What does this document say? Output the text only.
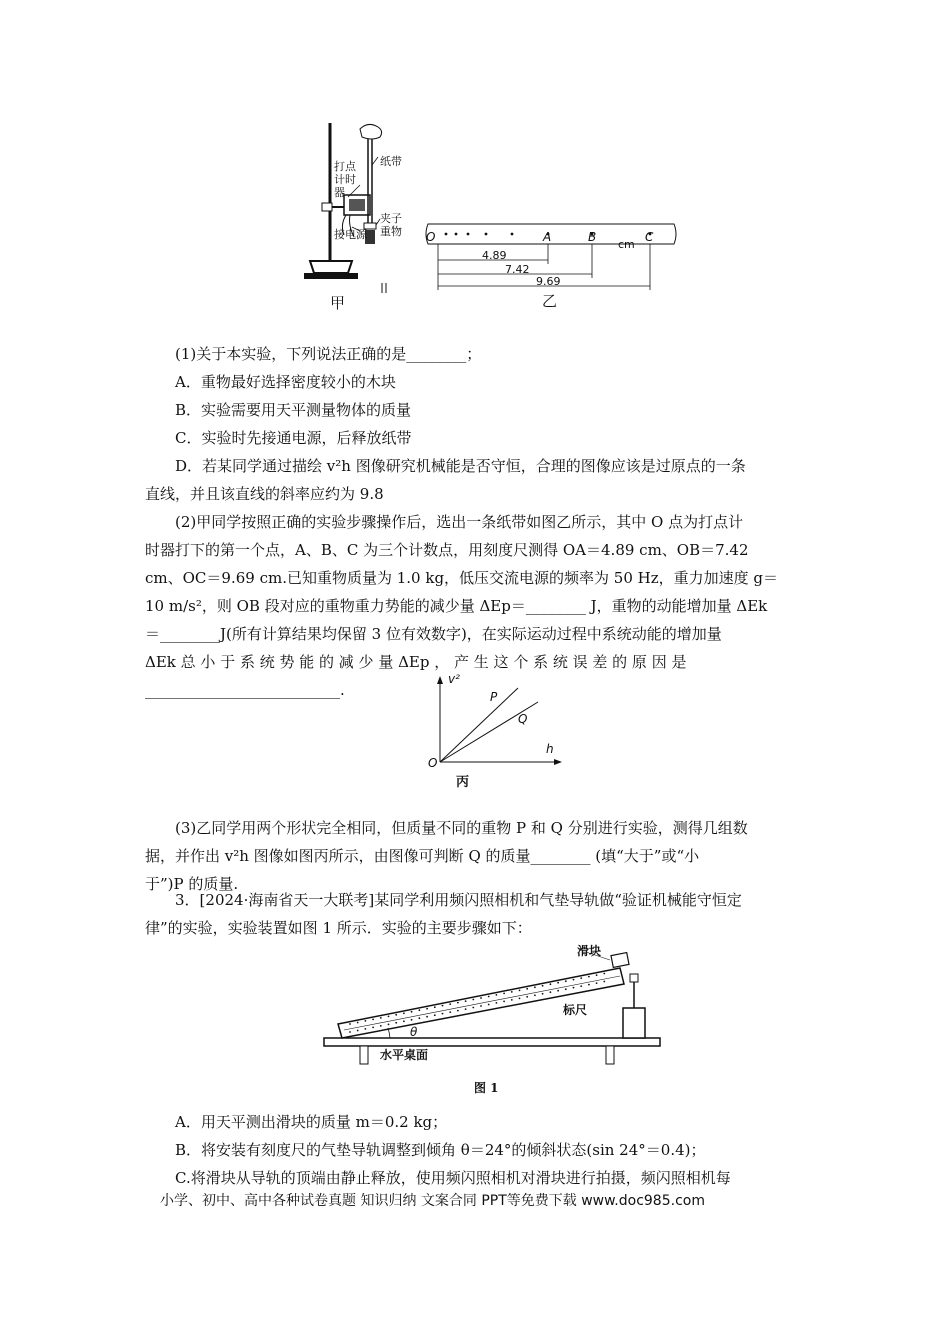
打点计时器
纸带
夹子
重物
接电源
甲
O	A	B
cm
C
4.89
7.42
9.69
乙
(1)关于本实验，下列说法正确的是________；
A．重物最好选择密度较小的木块
B．实验需要用天平测量物体的质量
C．实验时先接通电源，后释放纸带
D．若某同学通过描绘 v²h 图像研究机械能是否守恒，合理的图像应该是过原点的一条
直线，并且该直线的斜率应约为 9.8
(2)甲同学按照正确的实验步骤操作后，选出一条纸带如图乙所示，其中 O 点为打点计
时器打下的第一个点，A、B、C 为三个计数点，用刻度尺测得 OA＝4.89 cm、OB＝7.42
cm、OC＝9.69 cm.已知重物质量为 1.0 kg，低压交流电源的频率为 50 Hz，重力加速度 g＝
10 m/s²，则 OB 段对应的重物重力势能的减少量 ΔEp＝________ J，重物的动能增加量 ΔEk
＝________J(所有计算结果均保留 3 位有效数字)，在实际运动过程中系统动能的增加量
ΔEk 总 小 于 系 统 势 能 的 减 少 量 ΔEp ， 产 生 这 个 系 统 误 差 的 原 因 是
__________________________.
v²
h
O
P
Q
丙
(3)乙同学用两个形状完全相同，但质量不同的重物 P 和 Q 分别进行实验，测得几组数
据，并作出 v²h 图像如图丙所示，由图像可判断 Q 的质量________ (填“大于”或“小
于”)P 的质量.
3．[2024·海南省天一大联考]某同学利用频闪照相机和气垫导轨做“验证机械能守恒定
律”的实验，实验装置如图 1 所示．实验的主要步骤如下：
滑块
标尺
水平桌面
θ
图 1
A．用天平测出滑块的质量 m＝0.2 kg；
B．将安装有刻度尺的气垫导轨调整到倾角 θ＝24°的倾斜状态(sin 24°＝0.4)；
C.将滑块从导轨的顶端由静止释放，使用频闪照相机对滑块进行拍摄，频闪照相机每
小学、初中、高中各种试卷真题 知识归纳 文案合同 PPT等免费下载 www.doc985.com
